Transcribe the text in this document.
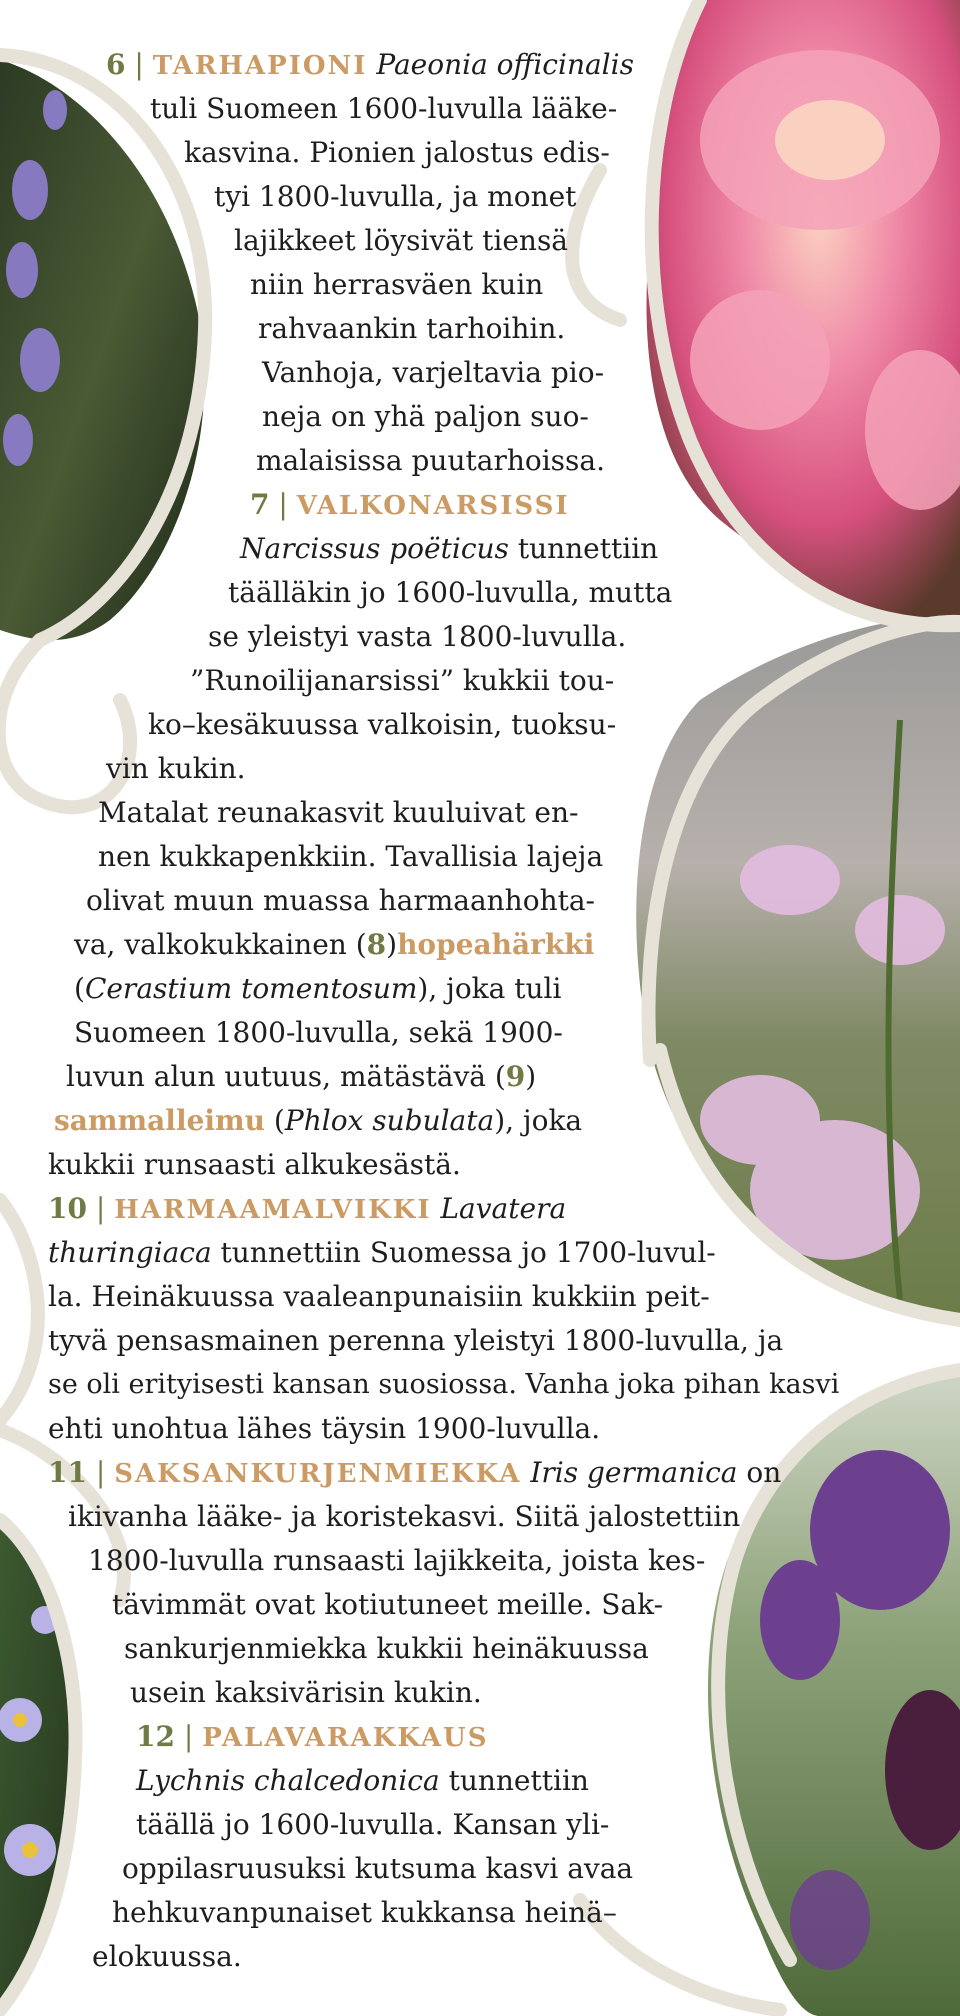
6 | TARHAPIONI Paeonia officinalis
tuli Suomeen 1600-luvulla lääke-
kasvina. Pionien jalostus edis-
tyi 1800-luvulla, ja monet
lajikkeet löysivät tiensä
niin herrasväen kuin
rahvaankin tarhoihin.
Vanhoja, varjeltavia pio-
neja on yhä paljon suo-
malaisissa puutarhoissa.
7 | VALKONARSISSI
Narcissus poëticus tunnettiin
täälläkin jo 1600-luvulla, mutta
se yleistyi vasta 1800-luvulla.
”Runoilijanarsissi” kukkii tou-
ko–kesäkuussa valkoisin, tuoksu-
vin kukin.
Matalat reunakasvit kuuluivat en-
nen kukkapenkkiin. Tavallisia lajeja
olivat muun muassa harmaanhohta-
va, valkokukkainen (8)hopeahärkki
(Cerastium tomentosum), joka tuli
Suomeen 1800-luvulla, sekä 1900-
luvun alun uutuus, mätästävä (9)
sammalleimu (Phlox subulata), joka
kukkii runsaasti alkukesästä.
10 | HARMAAMALVIKKI Lavatera
thuringiaca tunnettiin Suomessa jo 1700-luvul-
la. Heinäkuussa vaaleanpunaisiin kukkiin peit-
tyvä pensasmainen perenna yleistyi 1800-luvulla, ja
se oli erityisesti kansan suosiossa. Vanha joka pihan kasvi
ehti unohtua lähes täysin 1900-luvulla.
11 | SAKSANKURJENMIEKKA Iris germanica on
ikivanha lääke- ja koristekasvi. Siitä jalostettiin
1800-luvulla runsaasti lajikkeita, joista kes-
tävimmät ovat kotiutuneet meille. Sak-
sankurjenmiekka kukkii heinäkuussa
usein kaksivärisin kukin.
12 | PALAVARAKKAUS
Lychnis chalcedonica tunnettiin
täällä jo 1600-luvulla. Kansan yli-
oppilasruusuksi kutsuma kasvi avaa
hehkuvanpunaiset kukkansa heinä–
elokuussa.
